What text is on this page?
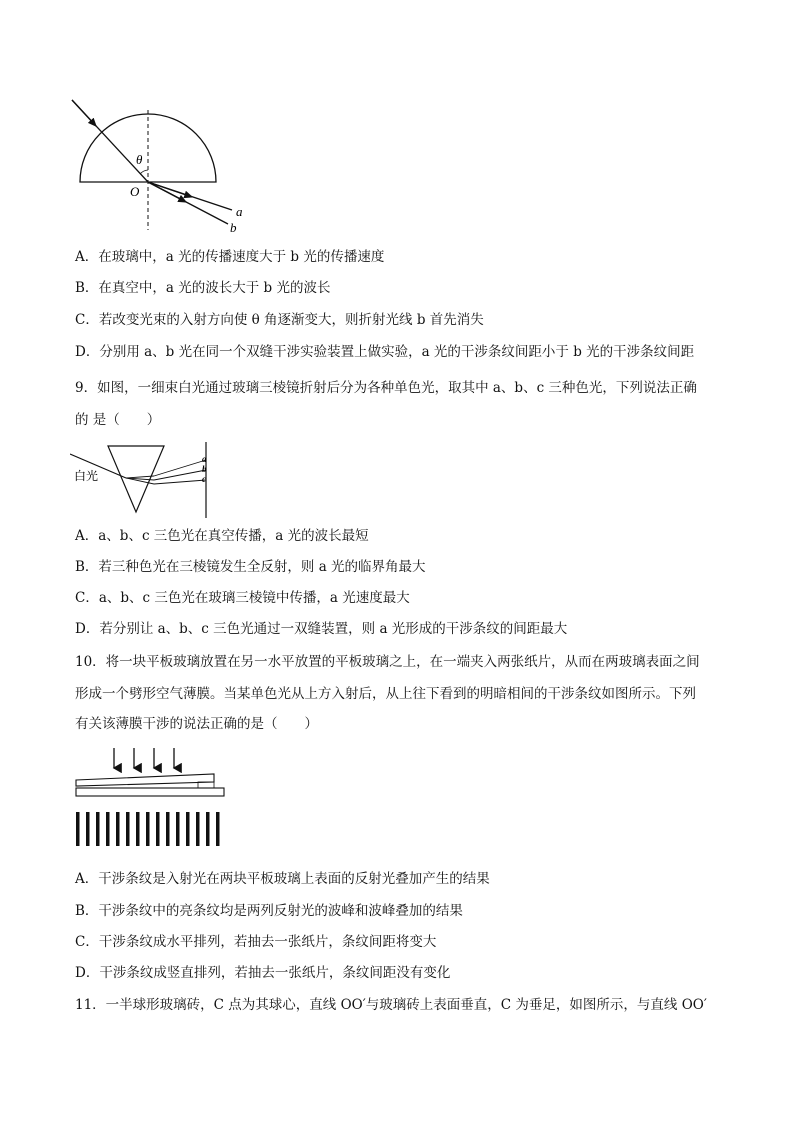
θ
O
a
b
A．在玻璃中，a 光的传播速度大于 b 光的传播速度
B．在真空中，a 光的波长大于 b 光的波长
C．若改变光束的入射方向使 θ 角逐渐变大，则折射光线 b 首先消失
D．分别用 a、b 光在同一个双缝干涉实验装置上做实验，a 光的干涉条纹间距小于 b 光的干涉条纹间距
9．如图，一细束白光通过玻璃三棱镜折射后分为各种单色光，取其中 a、b、c 三种色光，下列说法正确
的 是（　　）
白光
a
b
c
A．a、b、c 三色光在真空传播，a 光的波长最短
B．若三种色光在三棱镜发生全反射，则 a 光的临界角最大
C．a、b、c 三色光在玻璃三棱镜中传播，a 光速度最大
D．若分别让 a、b、c 三色光通过一双缝装置，则 a 光形成的干涉条纹的间距最大
10．将一块平板玻璃放置在另一水平放置的平板玻璃之上，在一端夹入两张纸片，从而在两玻璃表面之间
形成一个劈形空气薄膜。当某单色光从上方入射后，从上往下看到的明暗相间的干涉条纹如图所示。下列
有关该薄膜干涉的说法正确的是（　　）
A．干涉条纹是入射光在两块平板玻璃上表面的反射光叠加产生的结果
B．干涉条纹中的亮条纹均是两列反射光的波峰和波峰叠加的结果
C．干涉条纹成水平排列，若抽去一张纸片，条纹间距将变大
D．干涉条纹成竖直排列，若抽去一张纸片，条纹间距没有变化
11．一半球形玻璃砖，C 点为其球心，直线 OO′与玻璃砖上表面垂直，C 为垂足，如图所示，与直线 OO′
